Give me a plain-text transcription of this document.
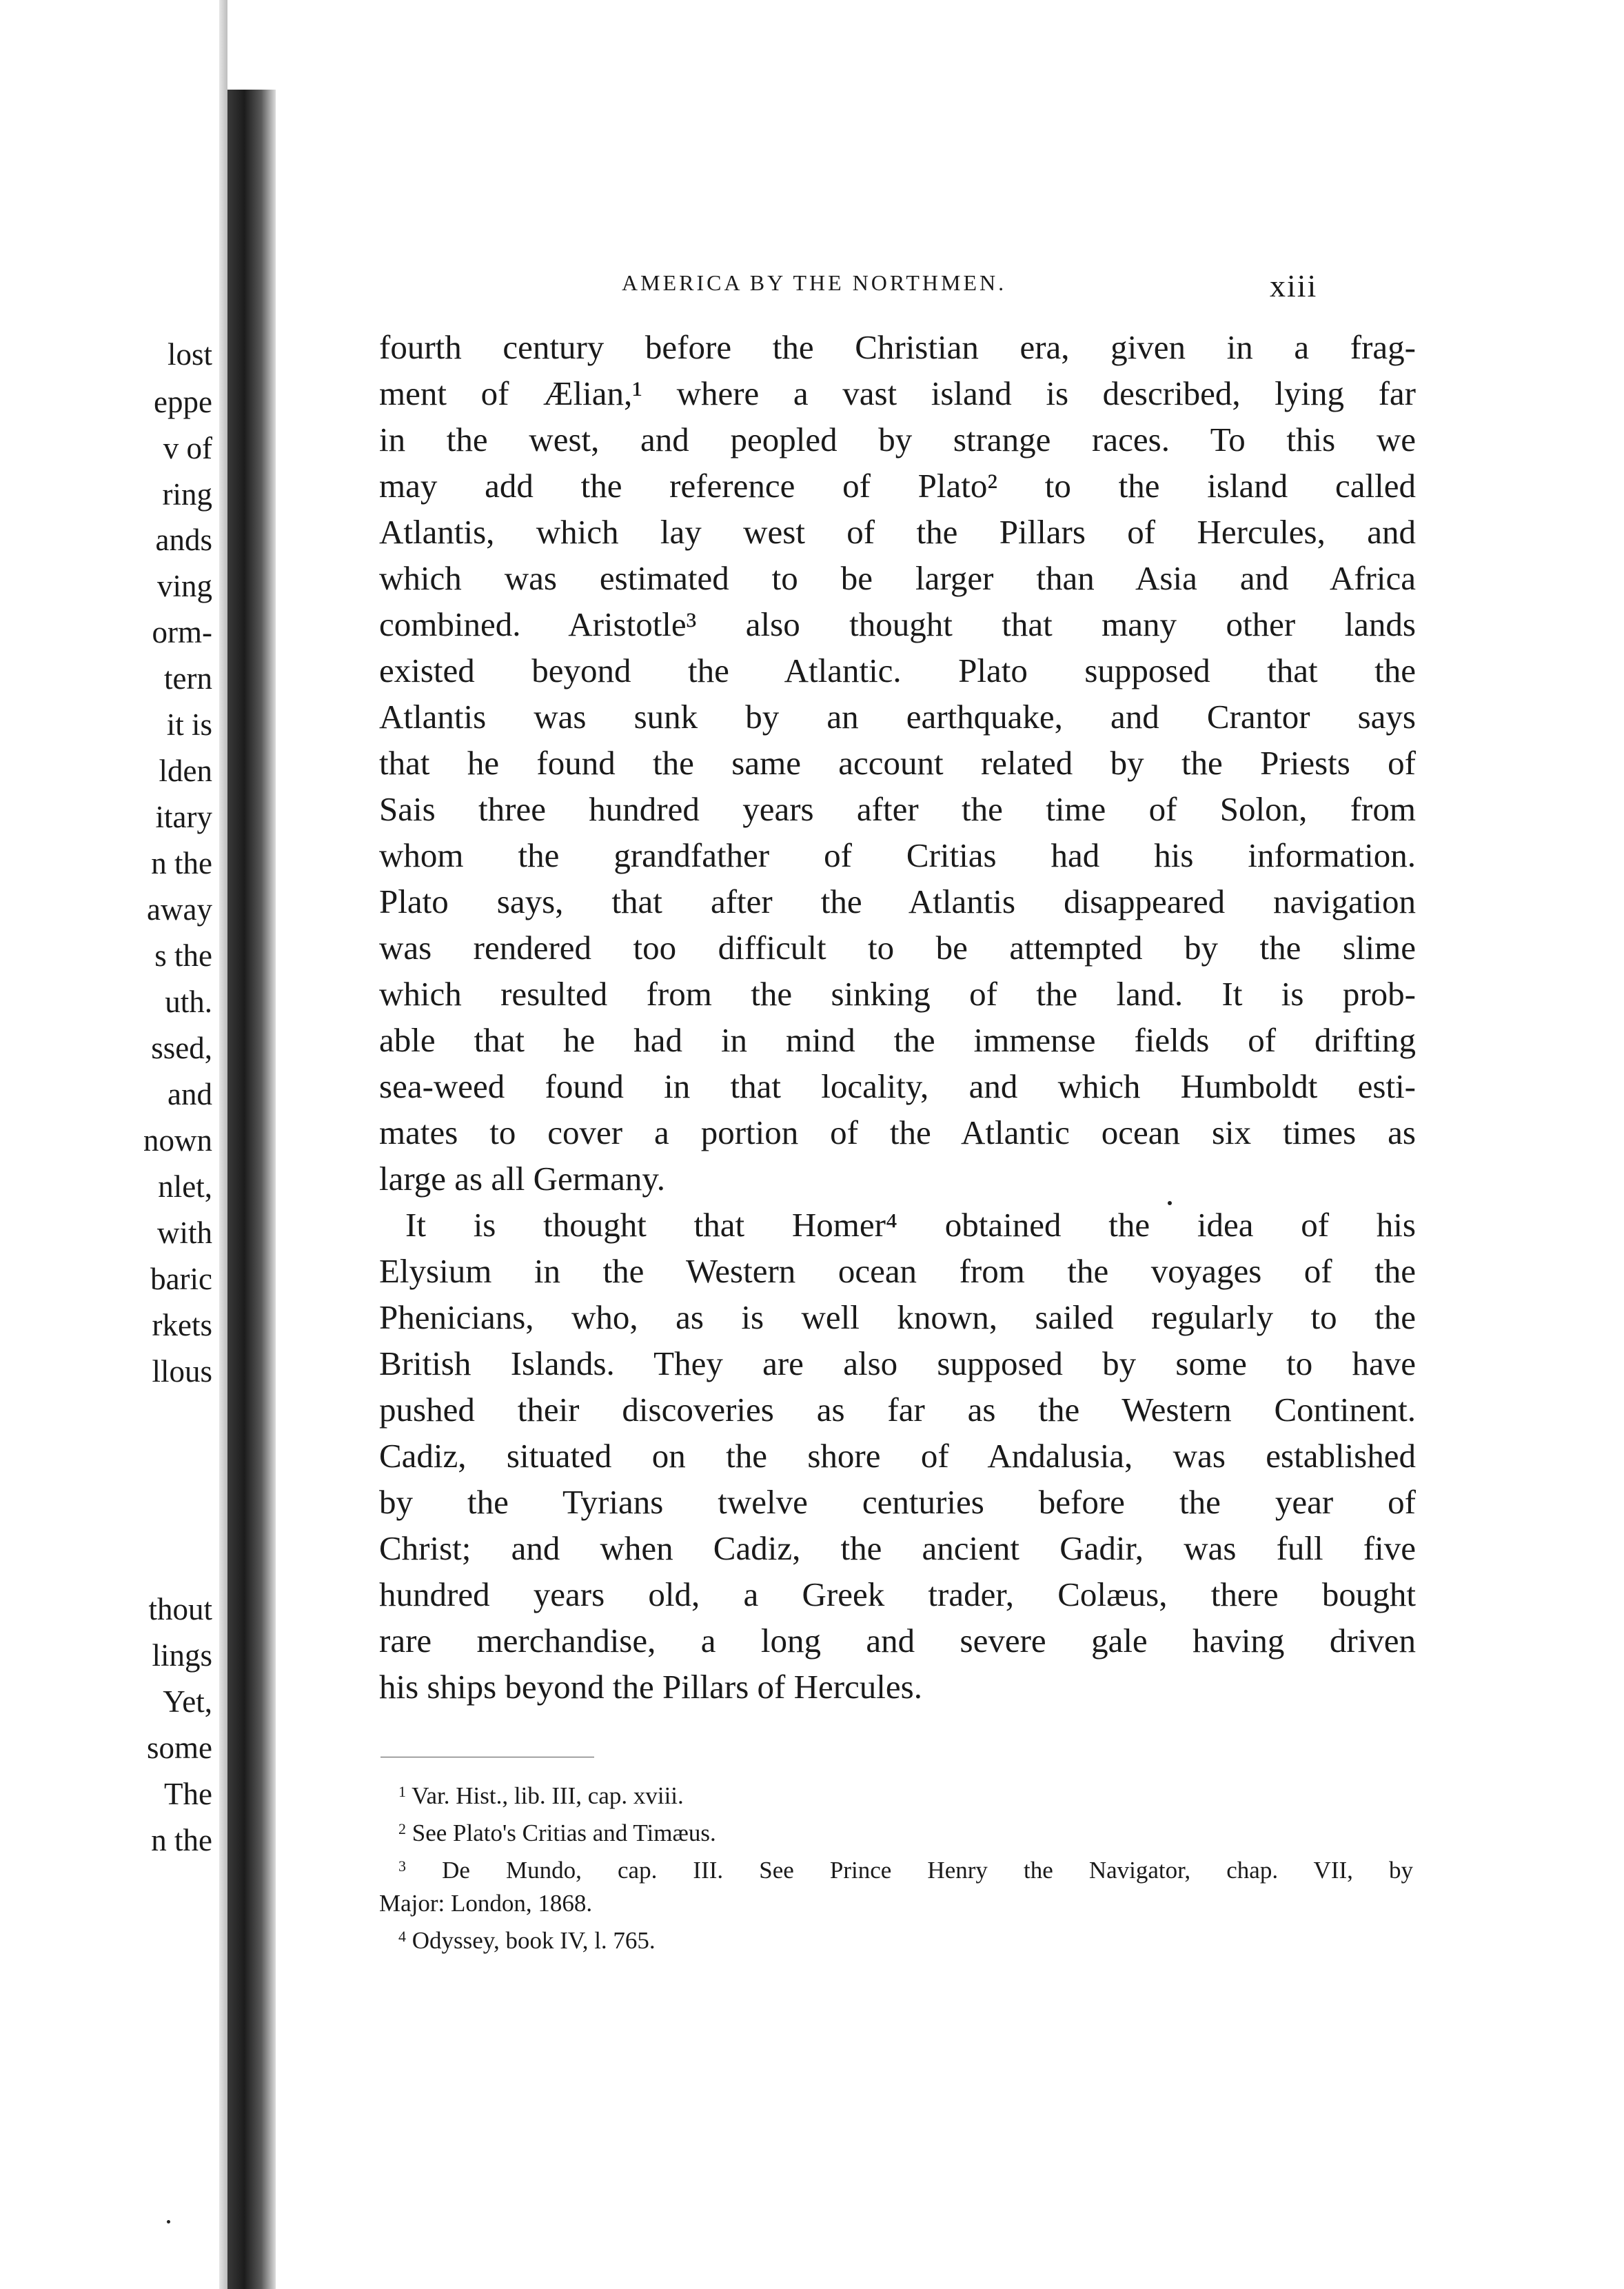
lost
eppe
v of
ring
ands
ving
orm-
tern
it is
lden
itary
n the
away
s the
uth.
ssed,
and
nown
nlet,
with
baric
rkets
llous
thout
lings
Yet,
some
The
n the
AMERICA BY THE NORTHMEN.	xiii
fourth century before the Christian era, given in a frag-
ment of Ælian,¹ where a vast island is described, lying far
in the west, and peopled by strange races. To this we
may add the reference of Plato² to the island called
Atlantis, which lay west of the Pillars of Hercules, and
which was estimated to be larger than Asia and Africa
combined. Aristotle³ also thought that many other lands
existed beyond the Atlantic. Plato supposed that the
Atlantis was sunk by an earthquake, and Crantor says
that he found the same account related by the Priests of
Sais three hundred years after the time of Solon, from
whom the grandfather of Critias had his information.
Plato says, that after the Atlantis disappeared navigation
was rendered too difficult to be attempted by the slime
which resulted from the sinking of the land. It is prob-
able that he had in mind the immense fields of drifting
sea-weed found in that locality, and which Humboldt esti-
mates to cover a portion of the Atlantic ocean six times as
large as all Germany.
It is thought that Homer⁴ obtained the idea of his
Elysium in the Western ocean from the voyages of the
Phenicians, who, as is well known, sailed regularly to the
British Islands. They are also supposed by some to have
pushed their discoveries as far as the Western Continent.
Cadiz, situated on the shore of Andalusia, was established
by the Tyrians twelve centuries before the year of
Christ; and when Cadiz, the ancient Gadir, was full five
hundred years old, a Greek trader, Colæus, there bought
rare merchandise, a long and severe gale having driven
his ships beyond the Pillars of Hercules.
$^1$ Var. Hist., lib. III, cap. xviii.
$^2$ See Plato's Critias and Timæus.
$^3$ De Mundo, cap. III. See Prince Henry the Navigator, chap. VII, by
Major: London, 1868.
$^4$ Odyssey, book IV, l. 765.
